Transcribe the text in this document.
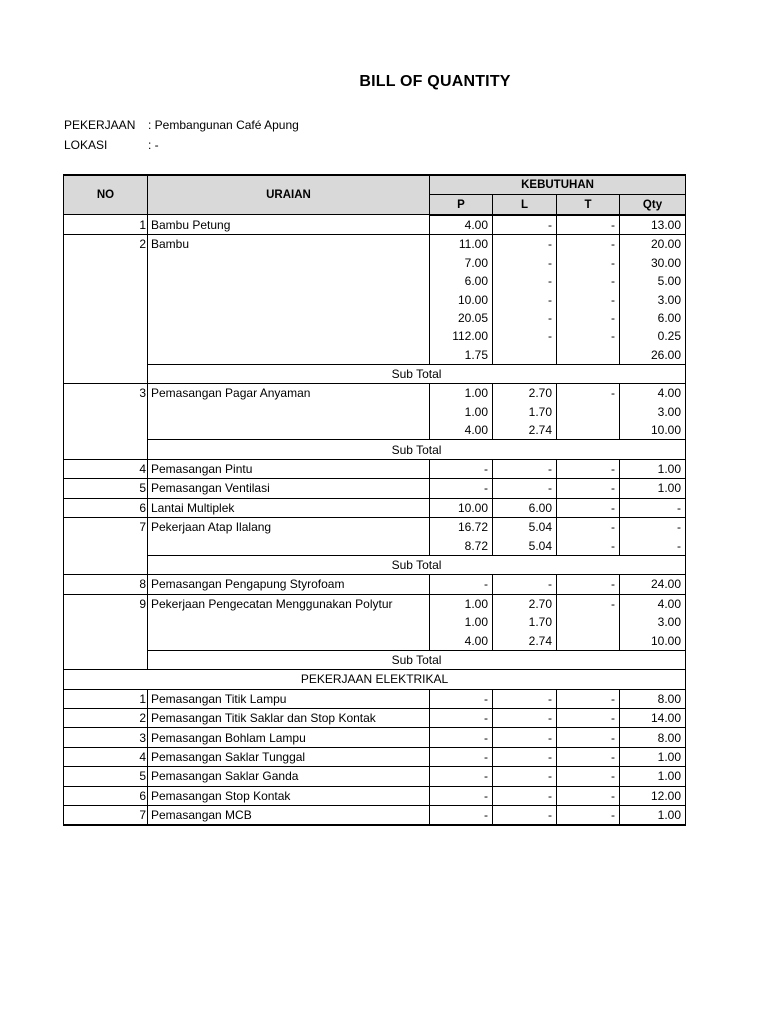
BILL OF QUANTITY
PEKERJAAN : Pembangunan Café Apung
LOKASI	: -
NO	URAIAN	KEBUTUHAN			
		P	L	T	Qty
1	Bambu Petung	4.00	-	-	13.00
2	Bambu	11.00	-	-	20.00
		7.00	-	-	30.00
		6.00	-	-	5.00
		10.00	-	-	3.00
		20.05	-	-	6.00
		112.00	-	-	0.25
		1.75			26.00
	Sub Total				
3	Pemasangan Pagar Anyaman	1.00	2.70	-	4.00
		1.00	1.70		3.00
		4.00	2.74		10.00
	Sub Total				
4	Pemasangan Pintu	-	-	-	1.00
5	Pemasangan Ventilasi	-	-	-	1.00
6	Lantai Multiplek	10.00	6.00	-	-
7	Pekerjaan Atap Ilalang	16.72	5.04	-	-
		8.72	5.04	-	-
	Sub Total				
8	Pemasangan Pengapung Styrofoam	-	-	-	24.00
9	Pekerjaan Pengecatan Menggunakan Polytur	1.00	2.70	-	4.00
		1.00	1.70		3.00
		4.00	2.74		10.00
	Sub Total				
PEKERJAAN ELEKTRIKAL					
1	Pemasangan Titik Lampu	-	-	-	8.00
2	Pemasangan Titik Saklar dan Stop Kontak	-	-	-	14.00
3	Pemasangan Bohlam Lampu	-	-	-	8.00
4	Pemasangan Saklar Tunggal	-	-	-	1.00
5	Pemasangan Saklar Ganda	-	-	-	1.00
6	Pemasangan Stop Kontak	-	-	-	12.00
7	Pemasangan MCB	-	-	-	1.00
